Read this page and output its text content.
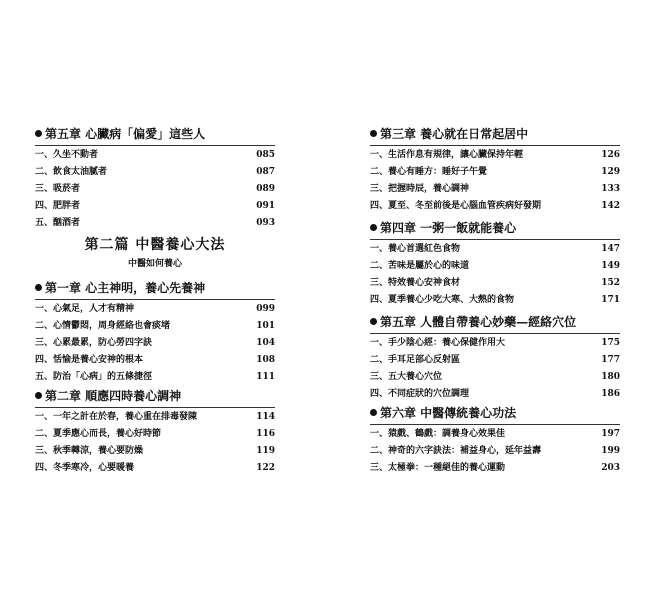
第五章 心臟病「偏愛」這些人
一、久坐不動者	085
二、飲食太油膩者	087
三、吸菸者	089
四、肥胖者	091
五、酗酒者	093
第二篇 中醫養心大法
中醫如何養心
第一章 心主神明，養心先養神
一、心氣足，人才有精神	099
二、心情鬱悶，周身經絡也會痰堵	101
三、心累最累，防心勞四字訣	104
四、恬愉是養心安神的根本	108
五、防治「心病」的五條捷徑	111
第二章 順應四時養心調神
一、一年之計在於春，養心重在排毒發陳	114
二、夏季應心而長，養心好時節	116
三、秋季轉涼，養心要防燥	119
四、冬季寒冷，心要暖養	122
第三章 養心就在日常起居中
一、生活作息有規律，讓心臟保持年輕	126
二、養心有睡方：睡好子午覺	129
三、把握時辰，養心調神	133
四、夏至、冬至前後是心腦血管疾病好發期	142
第四章 一粥一飯就能養心
一、養心首選紅色食物	147
二、苦味是屬於心的味道	149
三、特效養心安神食材	152
四、夏季養心少吃大寒、大熱的食物	171
第五章 人體自帶養心妙藥—經絡穴位
一、手少陰心經：養心保健作用大	175
二、手耳足部心反射區	177
三、五大養心穴位	180
四、不同症狀的穴位調理	186
第六章 中醫傳統養心功法
一、猿戲、鶴戲：調養身心效果佳	197
二、神奇的六字訣法：補益身心，延年益壽	199
三、太極拳：一種絕佳的養心運動	203
